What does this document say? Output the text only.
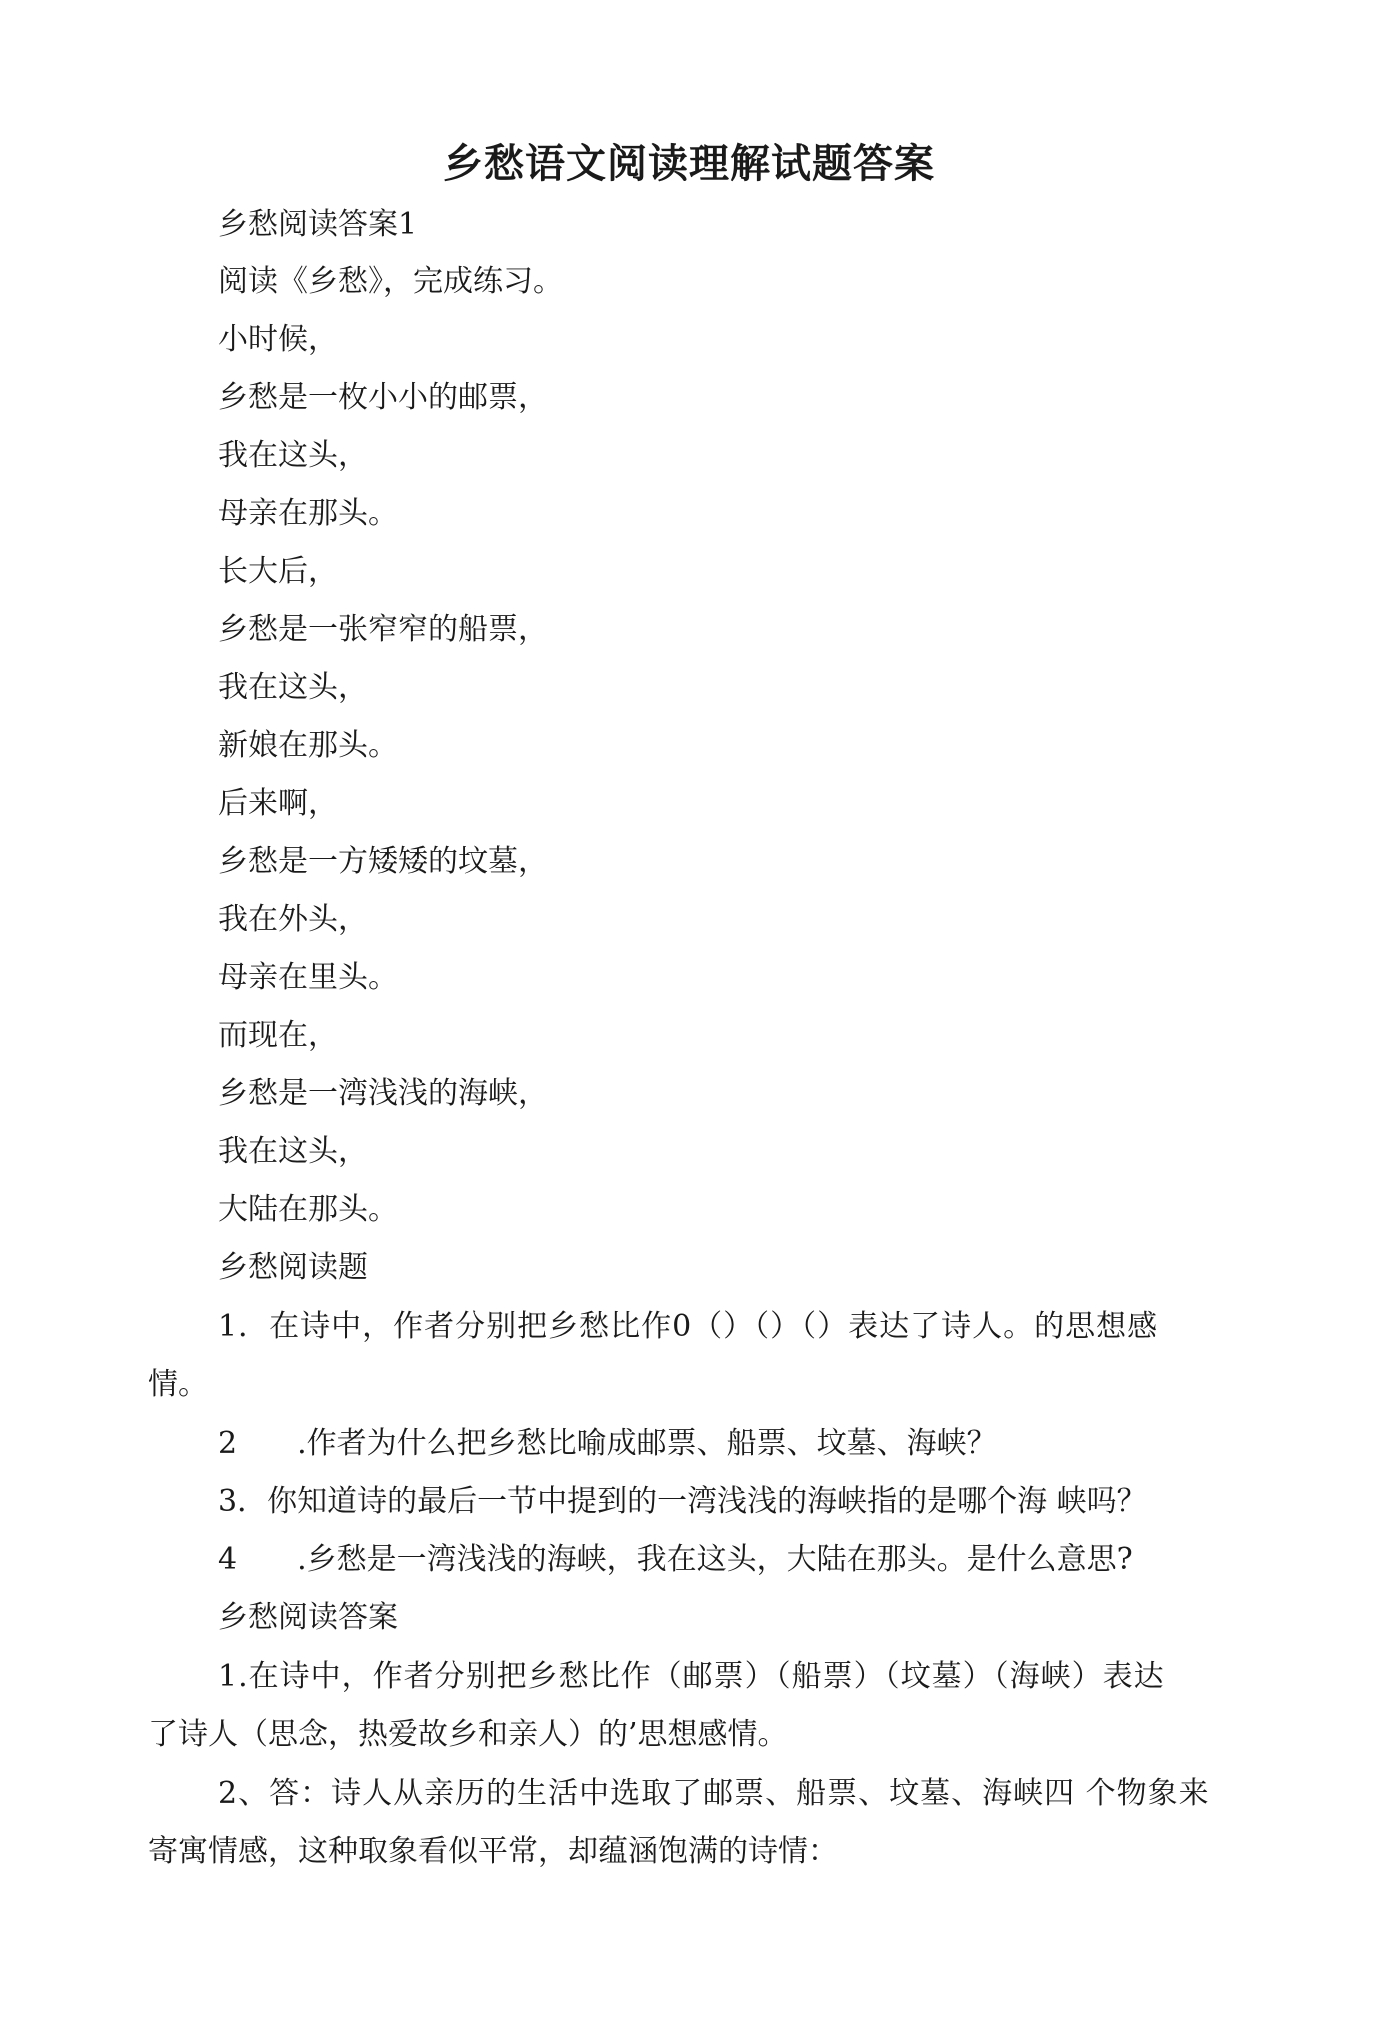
乡愁语文阅读理解试题答案
乡愁阅读答案1
阅读《乡愁》，完成练习。
小时候，
乡愁是一枚小小的邮票，
我在这头，
母亲在那头。
长大后，
乡愁是一张窄窄的船票，
我在这头，
新娘在那头。
后来啊，
乡愁是一方矮矮的坟墓，
我在外头，
母亲在里头。
而现在，
乡愁是一湾浅浅的海峡，
我在这头，
大陆在那头。
乡愁阅读题
1．在诗中，作者分别把乡愁比作0（）（）（）表达了诗人。的思想感
情。
2　　.作者为什么把乡愁比喻成邮票、船票、坟墓、海峡？
3．你知道诗的最后一节中提到的一湾浅浅的海峡指的是哪个海 峡吗？
4　　.乡愁是一湾浅浅的海峡，我在这头，大陆在那头。是什么意思?
乡愁阅读答案
1.在诗中，作者分别把乡愁比作（邮票）（船票）（坟墓）（海峡）表达
了诗人（思念，热爱故乡和亲人）的’思想感情。
2、答：诗人从亲历的生活中选取了邮票、船票、坟墓、海峡四 个物象来
寄寓情感，这种取象看似平常，却蕴涵饱满的诗情：
